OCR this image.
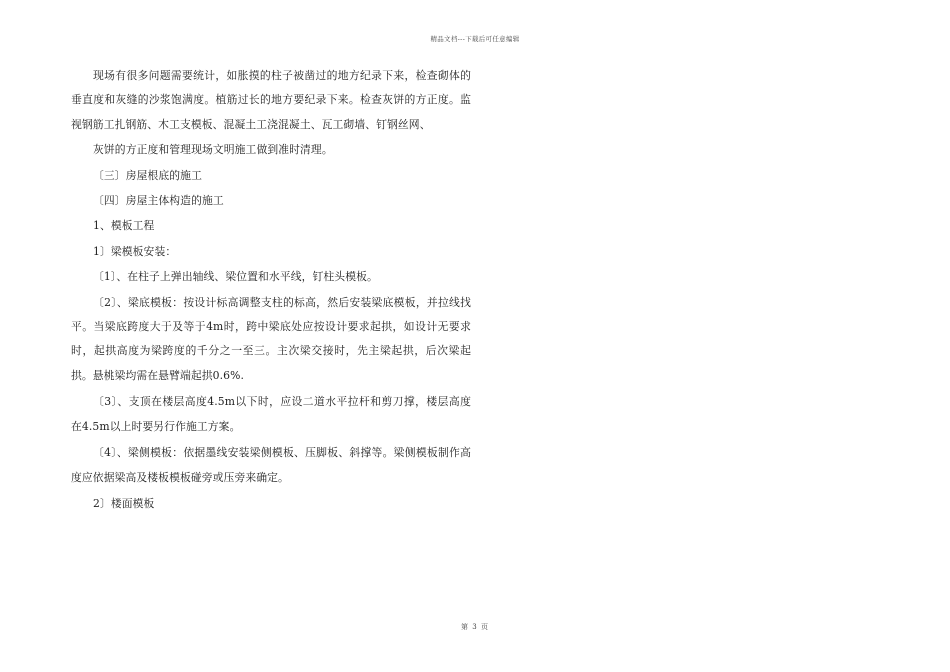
精品文档---下载后可任意编辑

现场有很多问题需要统计，如胀摸的柱子被凿过的地方纪录下来，检查砌体的垂直度和灰缝的沙浆饱满度。植筋过长的地方要纪录下来。检查灰饼的方正度。监视钢筋工扎钢筋、木工支模板、混凝土工浇混凝土、瓦工砌墙、钉钢丝网、

灰饼的方正度和管理现场文明施工做到准时清理。

〔三〕房屋根底的施工

〔四〕房屋主体构造的施工

1、模板工程

1〕梁模板安装：

〔1〕、在柱子上弹出轴线、梁位置和水平线，钉柱头模板。

〔2〕、梁底模板：按设计标高调整支柱的标高，然后安装梁底模板，并拉线找平。当梁底跨度大于及等于4m时，跨中梁底处应按设计要求起拱，如设计无要求时，起拱高度为梁跨度的千分之一至三。主次梁交接时，先主梁起拱，后次梁起拱。悬桃梁均需在悬臂端起拱0.6%.

〔3〕、支顶在楼层高度4.5m以下时，应设二道水平拉杆和剪刀撑，楼层高度在4.5m以上时要另行作施工方案。

〔4〕、梁侧模板：依据墨线安装梁侧模板、压脚板、斜撑等。梁侧模板制作高度应依据梁高及楼板模板碰旁或压旁来确定。

2〕楼面模板

第 3 页
